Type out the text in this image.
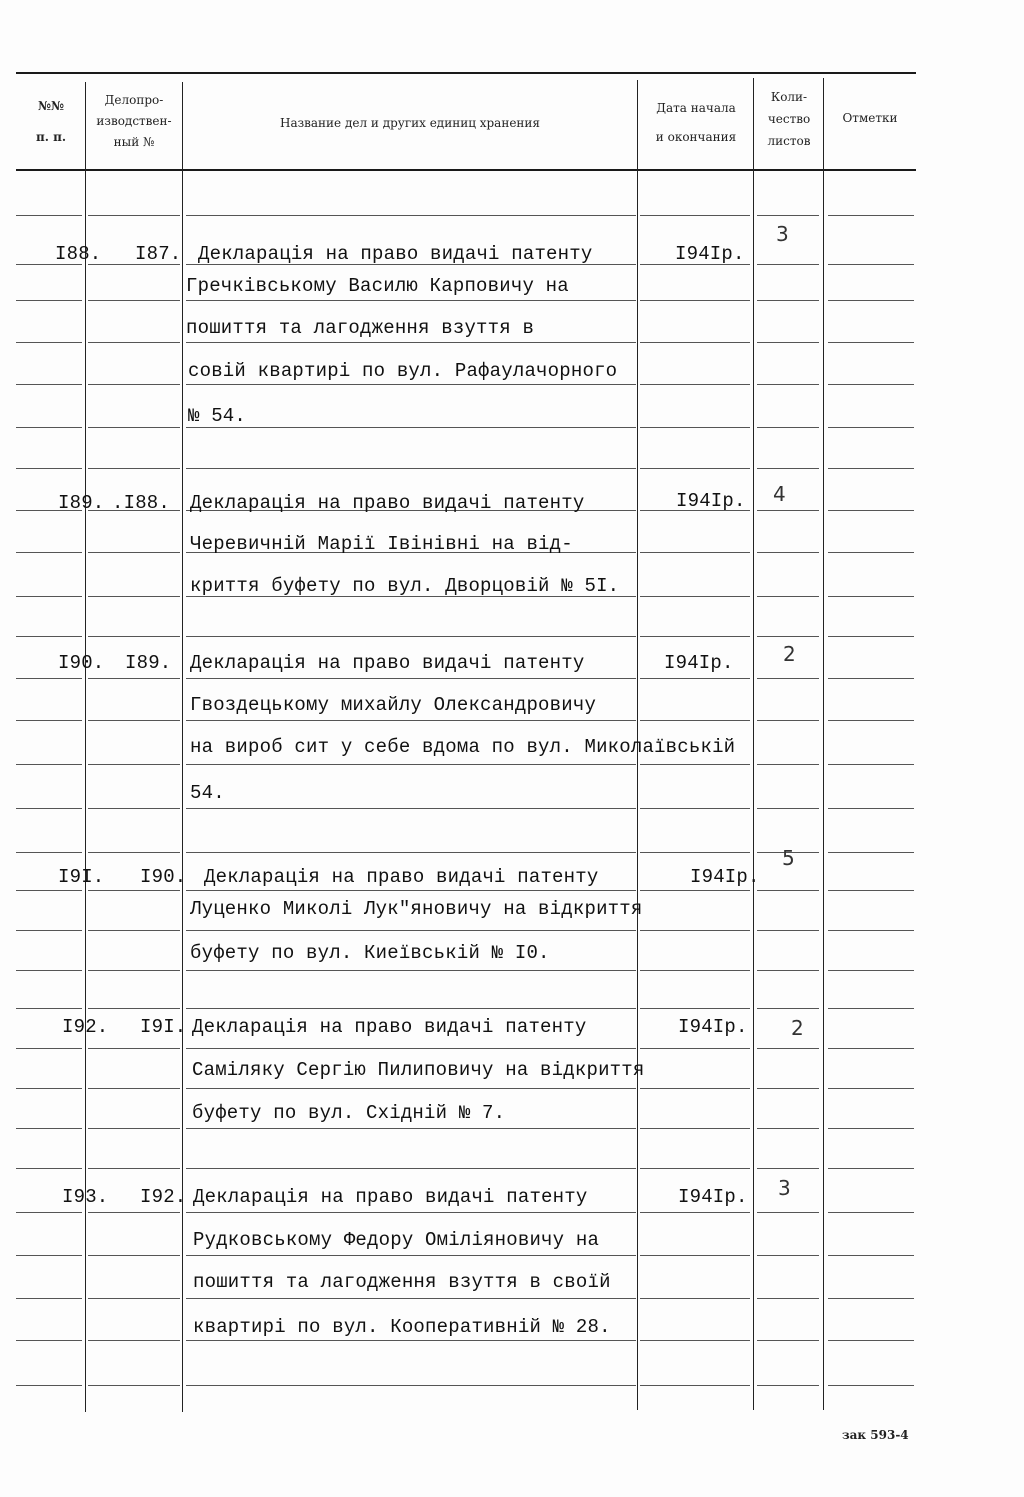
№№
п. п.
Делопро-
изводствен-
ный №
Название дел и других единиц хранения
Дата начала
и окончания
Коли-
чество
листов
Отметки
I88. I87. Декларація на право видачі патенту
Гречківському Василю Карповичу на
пошиття та лагодження взуття в
совій квартирі по вул. Рафаулачорного
№ 54.
I94Iр.
3
I89. .I88. Декларація на право видачі патенту
Черевичній Марії Івінівні на від-
криття буфету по вул. Дворцовій № 5I.
I94Iр. 4
I90. I89. Декларація на право видачі патенту
Гвоздецькому михайлу Олександровичу
на вироб сит у себе вдома по вул. Миколаївській
54.
I94Iр. 2
I9I. I90. Декларація на право видачі патенту
Луценко Миколі Лук"яновичу на відкриття
буфету по вул. Киеївській № I0.
I94Iр.
5
I92. I9I. Декларація на право видачі патенту
Саміляку Сергію Пилиповичу на відкриття
буфету по вул. Східній № 7.
I94Iр. 2
I93. I92. Декларація на право видачі патенту
Рудковському Федору Оміліяновичу на
пошиття та лагодження взуття в своїй
квартирі по вул. Кооперативній № 28.
I94Iр. 3
зак 593-4
